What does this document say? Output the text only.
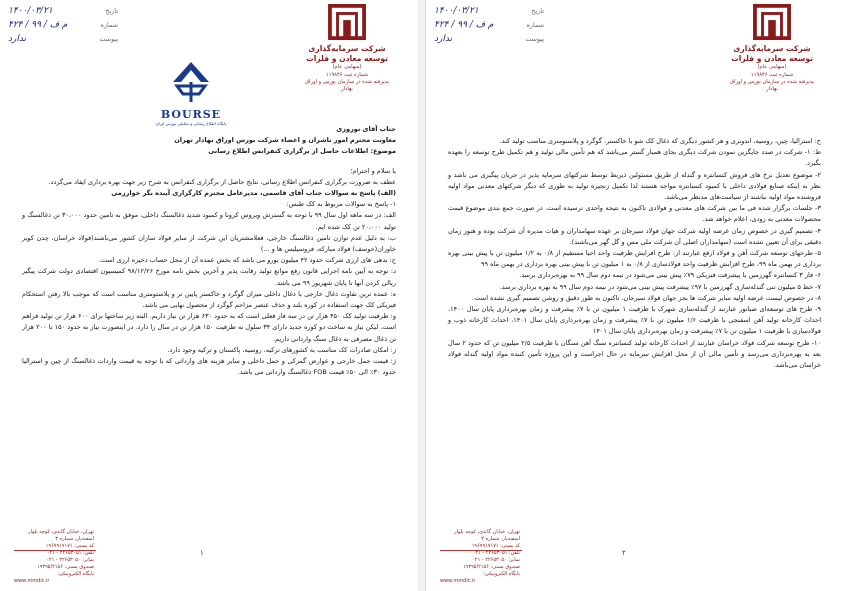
تاریخ
۱۴۰۰/۰۳/۲۱
شماره
۴۲۴ / م ف / ۹۹
پیوست
ندارد
شرکت سرمایه‌گذاری توسعه معادن و فلزات
(سهامی عام)
شماره ثبت ۱۱۹۸۴۶
پذیرفته شده در سازمان بورس و اوراق بهادار
BOURSE
پایگاه اطلاع رسانی و تحلیلی بورس ایران

جناب آقای نوروزی

معاونت محترم امور ناشران و اعضاء شرکت بورس اوراق بهادار تهران

موضوع: اطلاعات حاصل از برگزاری کنفرانس اطلاع رسانی

با سلام و احترام؛

عطف به ضرورت برگزاری کنفرانس اطلاع رسانی، نتایج حاصل از برگزاری کنفرانس به شرح زیر جهت بهره برداری ایفاد می‌گردد.

(الف) پاسخ به سوالات جناب آقای قاسمی، مدیرعامل محترم کارگزاری آینده نگر خوارزمی

۱- پاسخ به سوالات مربوط به کک طبس:

الف: در سه ماهه اول سال ۹۹ با توجه به گسترش ویروس کرونا و کمبود شدید ذغالسنگ داخلی، موفق به تامین حدود ۳۰،۰۰۰ تن ذغالسنگ و تولید ۲۰،۰۰۰ تن کک شده ایم.

ب: به دلیل عدم توازن تامین ذغالسنگ خارجی، فعلامشتریان این شرکت از سایر فولاد سازان کشور می‌باشند(فولاد خراسان، چدن کویر خاوران(خوسف) فولاد مبارکه، فروسیلیس ها و ...)

ج: بدهی های ارزی شرکت حدود ۴۲ میلیون یورو می باشد که بخش عمده آن از محل حساب ذخیره ارزی است.

د: توجه به آیین نامه اجرایی قانون رفع موانع تولید رقابت پذیر و آخرین بخش نامه مورخ ۹۸/۱۲/۲۶ کمیسیون اقتصادی دولت شرکت پیگیر ریالی کردن آنها تا پایان شهریور ۹۹ می باشد.

ه: عمده ترین تفاوت ذغال خارجی با ذغال داخلی میزان گوگرد و خاکستر پایین تر و پلاستومتری مناسب است که موجب بالا رفتن استحکام فیزیکی کک جهت استفاده در کوره بلند و حذف عنصر مزاحم گوگرد از محصول نهایی می باشد.

و: ظرفیت تولید کک ۴۵۰ هزار تن در سه فاز فعلی است که به حدود ۶۳۰ هزار تن نیاز داریم. البته زیر ساختها برای ۶۰۰ هزار تن تولید فراهم است. لیکن نیاز به ساخت دو کوره جدید دارای ۳۴ سلول به ظرفیت ۱۵۰ هزار تن در سال را دارد. در اینصورت نیاز به حدود ۱۵۰ تا ۲۰۰ هزار تن ذغال مصرفی به ذغال سنگ وارداتی داریم.

ز: امکان صادرات کک مناسب به کشورهای ترکیه، روسیه، پاکستان و ترکیه وجود دارد.

ژ: قیمت حمل خارجی و عوارض گمرکی و حمل داخلی و سایر هزینه های وارداتی که با توجه به قیمت واردات ذغالسنگ از چین و استرالیا حدود ۳۰٪ الی ۵۰٪ قیمت FOB ذغالسنگ وارداتی می باشد.

۱
تهران، خیابان گاندی، کوچه بلوار اسفندیار، شماره ۳
کد پستی: ۱۹۶۷۹۱۷۱۷۱
تلفن: ۲۲۶۵۳۰۵۱ - ۰۲۱
نمابر: ۲۲۶۵۳۰۵۰ - ۰۲۱
صندوق پستی: ۱۹۳۹۵/۲۱۵۶
پایگاه الکترونیکی:
www.mmdic.ir
تاریخ
۱۴۰۰/۰۳/۲۱
شماره
۴۲۴ / م ف / ۹۹
پیوست
ندارد
شرکت سرمایه‌گذاری توسعه معادن و فلزات
(سهامی عام)
شماره ثبت ۱۱۹۸۴۶
پذیرفته شده در سازمان بورس و اوراق بهادار

ح: استرالیا، چین، روسیه، اندونزی و هر کشور دیگری که ذغال کک شو با خاکستر، گوگرد و پلاستومتری مناسب تولید کند.

ط: ۱- شرکت در صدد جایگزین نمودن شرکت دیگری بجای همیار گستر می‌باشد که هم تأمین مالی تولید و هم تکمیل طرح توسعه را بعهده بگیرد.

۲- موضوع تعدیل نرخ های فروش کنسانتره و گندله از طریق مسئولین ذیربط توسط شرکتهای سرمایه پذیر در جریان پیگیری می باشد و نظر به اینکه صنایع فولادی داخلی با کمبود کنسانتره مواجه هستند لذا تکمیل زنجیره تولید به طوری که دیگر شرکتهای معدنی مواد اولیه فروشنده مواد اولیه نباشند از سیاست‌های مدنظر می‌باشد.

۳- جلسات برگزار شده فی ما بین شرکت های معدنی و فولادی تاکنون به نتیجه واحدی نرسیده است. در صورت جمع بندی موضوع قیمت محصولات معدنی به زودی، اعلام خواهد شد.

۴- تصمیم گیری در خصوص زمان عرضه اولیه شرکت جهان فولاد سیرجان بر عهده سهامداران و هیات مدیره آن شرکت بوده و هنوز زمان دقیقی برای آن تعیین نشده است (سهامداران اصلی آن شرکت ملی مس و گل گهر می‌باشند).

۵- طرحهای توسعه شرکت آهن و فولاد ارفع عبارتند از: طرح افزایش ظرفیت واحد احیا مستقیم از ۰/۸ به ۱/۲ میلیون تن با پیش بینی بهره برداری در بهمن ماه ۹۹، طرح افزایش ظرفیت واحد فولادسازی از ۰/۸ به ۱ میلیون تن با پیش بینی بهره برداری در بهمن ماه ۹۹

۶- فاز ۳ کنسانتره گهرزمین با پیشرفت فیزیکی ۷۹٪ پیش بینی می‌شود در نیمه دوم سال ۹۹ به بهره‌برداری برسد.

۷- خط ۵ میلیون تنی گندله‌سازی گهرزمین با ۹۷٪ پیشرفت پیش بینی می‌شود در نیمه دوم سال ۹۹ به بهره برداری برسد.

۸- در خصوص لیست عرضه اولیه سایر شرکت ها بجز جهان فولاد سیرجان، تاکنون به طور دقیق و روشن تصمیم گیری نشده است.

۹- طرح های توسعه‌ای صبانور عبارتند از گندله‌سازی شهرک با ظرفیت ۱ میلیون تن با ۷٪ پیشرفت و زمان بهره‌برداری پایان سال ۱۴۰۰، احداث کارخانه تولید آهن اسفنجی با ظرفیت ۱/۶ میلیون تن با ۷٪ پیشرفت و زمان بهره‌برداری پایان سال ۱۴۰۱، احداث کارخانه ذوب و فولادسازی با ظرفیت ۱ میلیون تن با ۷٪ پیشرفت و زمان بهره‌برداری پایان سال ۱۴۰۱

۱۰- طرح توسعه شرکت فولاد خراسان عبارتند از احداث کارخانه تولید کنسانتره سنگ آهن سنگان با ظرفیت ۲/۵ میلیون تن که حدود ۲ سال بعد به بهره‌برداری می‌رسد و تأمین مالی آن از محل افزایش سرمایه در حال اجراست و این پروژه تأمین کننده مواد اولیه گندله فولاد خراسان می‌باشد.

۲
تهران، خیابان گاندی، کوچه بلوار اسفندیار، شماره ۳
کد پستی: ۱۹۶۷۹۱۷۱۷۱
تلفن: ۲۲۶۵۳۰۵۱ - ۰۲۱
نمابر: ۲۲۶۵۳۰۵۰ - ۰۲۱
صندوق پستی: ۱۹۳۹۵/۲۱۵۶
پایگاه الکترونیکی:
www.mmdic.ir
